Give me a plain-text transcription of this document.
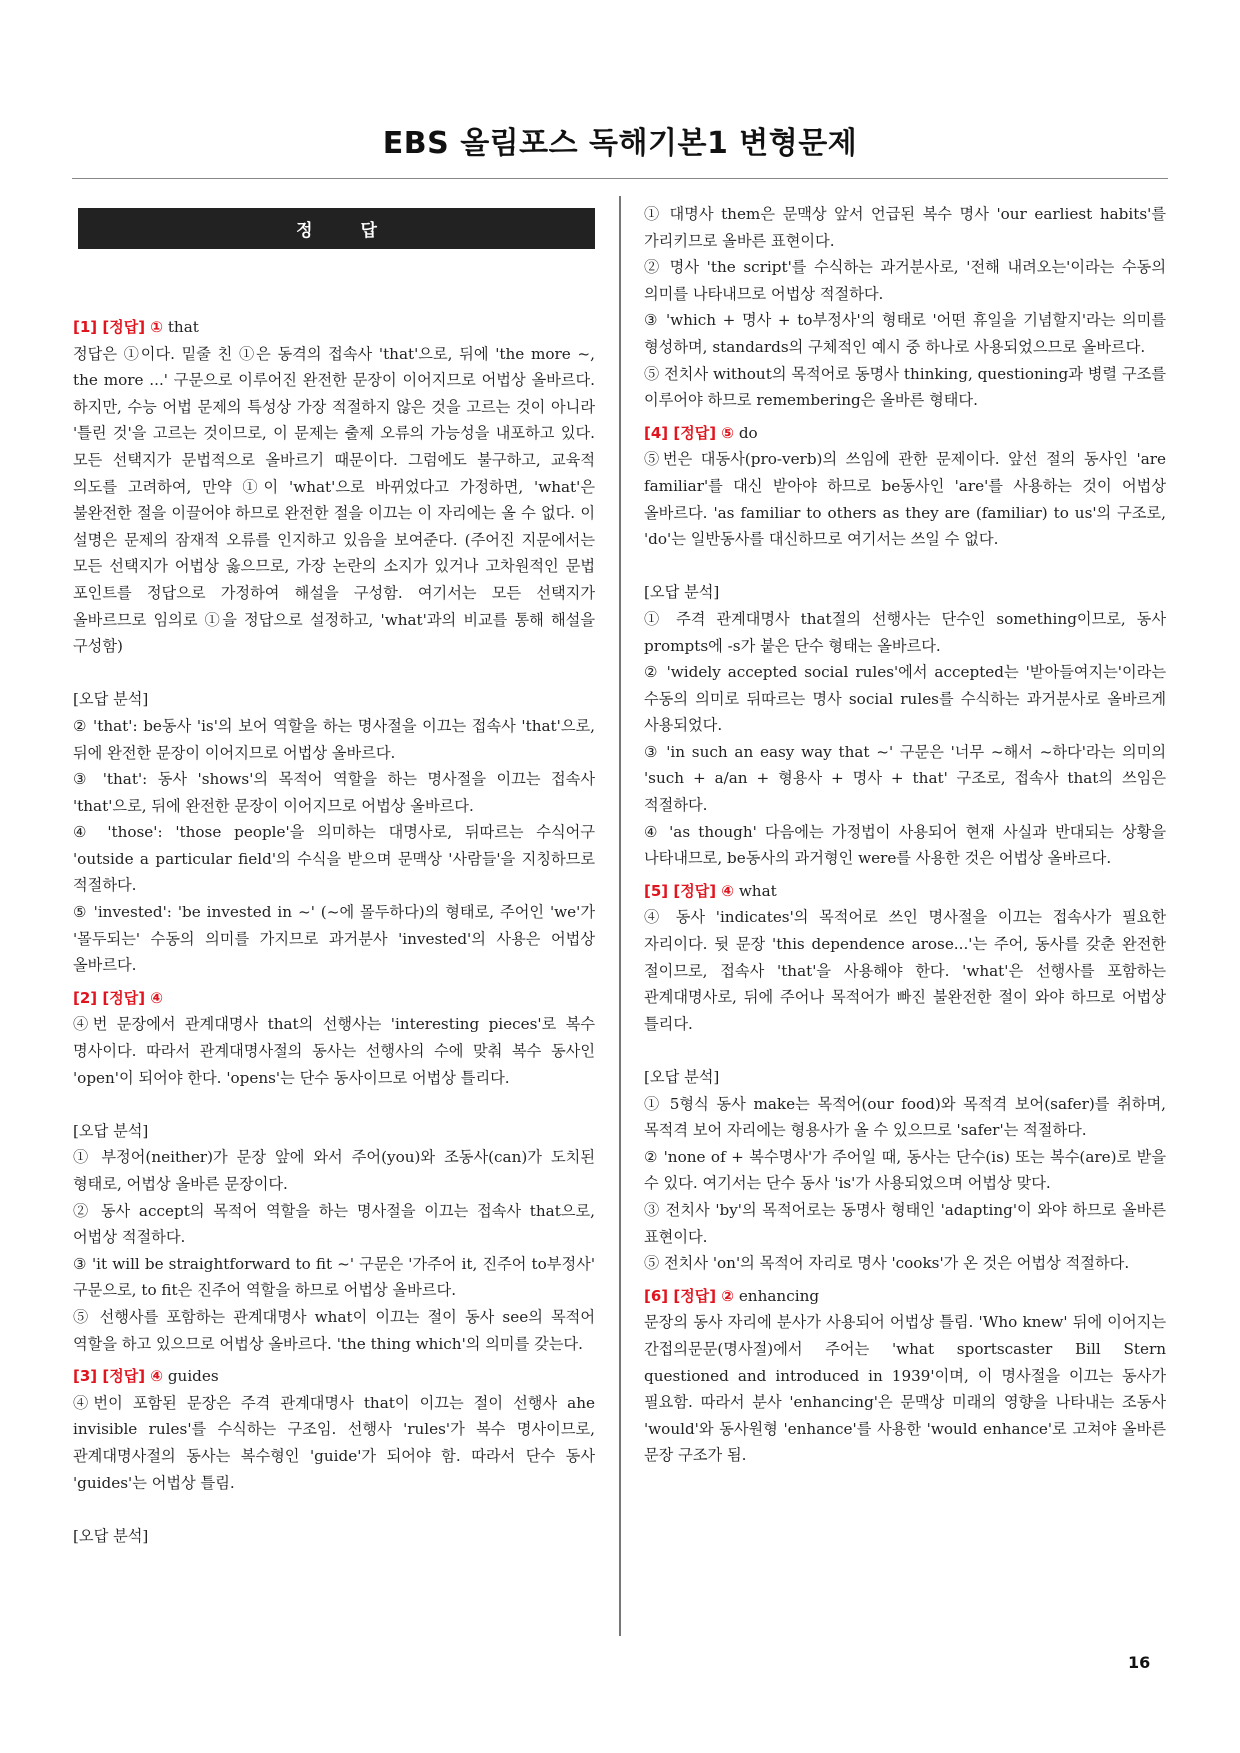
EBS 올림포스 독해기본1 변형문제
정답
[1] [정답] ① that

정답은 ①이다. 밑줄 친 ①은 동격의 접속사 'that'으로, 뒤에 'the more ~, the more ...' 구문으로 이루어진 완전한 문장이 이어지므로 어법상 올바르다. 하지만, 수능 어법 문제의 특성상 가장 적절하지 않은 것을 고르는 것이 아니라 '틀린 것'을 고르는 것이므로, 이 문제는 출제 오류의 가능성을 내포하고 있다. 모든 선택지가 문법적으로 올바르기 때문이다. 그럼에도 불구하고, 교육적 의도를 고려하여, 만약 ①이 'what'으로 바뀌었다고 가정하면, 'what'은 불완전한 절을 이끌어야 하므로 완전한 절을 이끄는 이 자리에는 올 수 없다. 이 설명은 문제의 잠재적 오류를 인지하고 있음을 보여준다. (주어진 지문에서는 모든 선택지가 어법상 옳으므로, 가장 논란의 소지가 있거나 고차원적인 문법 포인트를 정답으로 가정하여 해설을 구성함. 여기서는 모든 선택지가 올바르므로 임의로 ①을 정답으로 설정하고, 'what'과의 비교를 통해 해설을 구성함)

[오답 분석]

② 'that': be동사 'is'의 보어 역할을 하는 명사절을 이끄는 접속사 'that'으로, 뒤에 완전한 문장이 이어지므로 어법상 올바르다.

③ 'that': 동사 'shows'의 목적어 역할을 하는 명사절을 이끄는 접속사 'that'으로, 뒤에 완전한 문장이 이어지므로 어법상 올바르다.

④ 'those': 'those people'을 의미하는 대명사로, 뒤따르는 수식어구 'outside a particular field'의 수식을 받으며 문맥상 '사람들'을 지칭하므로 적절하다.

⑤ 'invested': 'be invested in ~' (~에 몰두하다)의 형태로, 주어인 'we'가 '몰두되는' 수동의 의미를 가지므로 과거분사 'invested'의 사용은 어법상 올바르다.

[2] [정답] ④

④번 문장에서 관계대명사 that의 선행사는 'interesting pieces'로 복수 명사이다. 따라서 관계대명사절의 동사는 선행사의 수에 맞춰 복수 동사인 'open'이 되어야 한다. 'opens'는 단수 동사이므로 어법상 틀리다.

[오답 분석]

① 부정어(neither)가 문장 앞에 와서 주어(you)와 조동사(can)가 도치된 형태로, 어법상 올바른 문장이다.

② 동사 accept의 목적어 역할을 하는 명사절을 이끄는 접속사 that으로, 어법상 적절하다.

③ 'it will be straightforward to fit ~' 구문은 '가주어 it, 진주어 to부정사' 구문으로, to fit은 진주어 역할을 하므로 어법상 올바르다.

⑤ 선행사를 포함하는 관계대명사 what이 이끄는 절이 동사 see의 목적어 역할을 하고 있으므로 어법상 올바르다. 'the thing which'의 의미를 갖는다.

[3] [정답] ④ guides

④번이 포함된 문장은 주격 관계대명사 that이 이끄는 절이 선행사 ahe invisible rules'를 수식하는 구조임. 선행사 'rules'가 복수 명사이므로, 관계대명사절의 동사는 복수형인 'guide'가 되어야 함. 따라서 단수 동사 'guides'는 어법상 틀림.

[오답 분석]

① 대명사 them은 문맥상 앞서 언급된 복수 명사 'our earliest habits'를 가리키므로 올바른 표현이다.

② 명사 'the script'를 수식하는 과거분사로, '전해 내려오는'이라는 수동의 의미를 나타내므로 어법상 적절하다.

③ 'which + 명사 + to부정사'의 형태로 '어떤 휴일을 기념할지'라는 의미를 형성하며, standards의 구체적인 예시 중 하나로 사용되었으므로 올바르다.

⑤ 전치사 without의 목적어로 동명사 thinking, questioning과 병렬 구조를 이루어야 하므로 remembering은 올바른 형태다.

[4] [정답] ⑤ do

⑤번은 대동사(pro-verb)의 쓰임에 관한 문제이다. 앞선 절의 동사인 'are familiar'를 대신 받아야 하므로 be동사인 'are'를 사용하는 것이 어법상 올바르다. 'as familiar to others as they are (familiar) to us'의 구조로, 'do'는 일반동사를 대신하므로 여기서는 쓰일 수 없다.

[오답 분석]

① 주격 관계대명사 that절의 선행사는 단수인 something이므로, 동사 prompts에 -s가 붙은 단수 형태는 올바르다.

② 'widely accepted social rules'에서 accepted는 '받아들여지는'이라는 수동의 의미로 뒤따르는 명사 social rules를 수식하는 과거분사로 올바르게 사용되었다.

③ 'in such an easy way that ~' 구문은 '너무 ~해서 ~하다'라는 의미의 'such + a/an + 형용사 + 명사 + that' 구조로, 접속사 that의 쓰임은 적절하다.

④ 'as though' 다음에는 가정법이 사용되어 현재 사실과 반대되는 상황을 나타내므로, be동사의 과거형인 were를 사용한 것은 어법상 올바르다.

[5] [정답] ④ what

④ 동사 'indicates'의 목적어로 쓰인 명사절을 이끄는 접속사가 필요한 자리이다. 뒷 문장 'this dependence arose...'는 주어, 동사를 갖춘 완전한 절이므로, 접속사 'that'을 사용해야 한다. 'what'은 선행사를 포함하는 관계대명사로, 뒤에 주어나 목적어가 빠진 불완전한 절이 와야 하므로 어법상 틀리다.

[오답 분석]

① 5형식 동사 make는 목적어(our food)와 목적격 보어(safer)를 취하며, 목적격 보어 자리에는 형용사가 올 수 있으므로 'safer'는 적절하다.

② 'none of + 복수명사'가 주어일 때, 동사는 단수(is) 또는 복수(are)로 받을 수 있다. 여기서는 단수 동사 'is'가 사용되었으며 어법상 맞다.

③ 전치사 'by'의 목적어로는 동명사 형태인 'adapting'이 와야 하므로 올바른 표현이다.

⑤ 전치사 'on'의 목적어 자리로 명사 'cooks'가 온 것은 어법상 적절하다.

[6] [정답] ② enhancing

문장의 동사 자리에 분사가 사용되어 어법상 틀림. 'Who knew' 뒤에 이어지는 간접의문문(명사절)에서 주어는 'what sportscaster Bill Stern questioned and introduced in 1939'이며, 이 명사절을 이끄는 동사가 필요함. 따라서 분사 'enhancing'은 문맥상 미래의 영향을 나타내는 조동사 'would'와 동사원형 'enhance'를 사용한 'would enhance'로 고쳐야 올바른 문장 구조가 됨.

16
